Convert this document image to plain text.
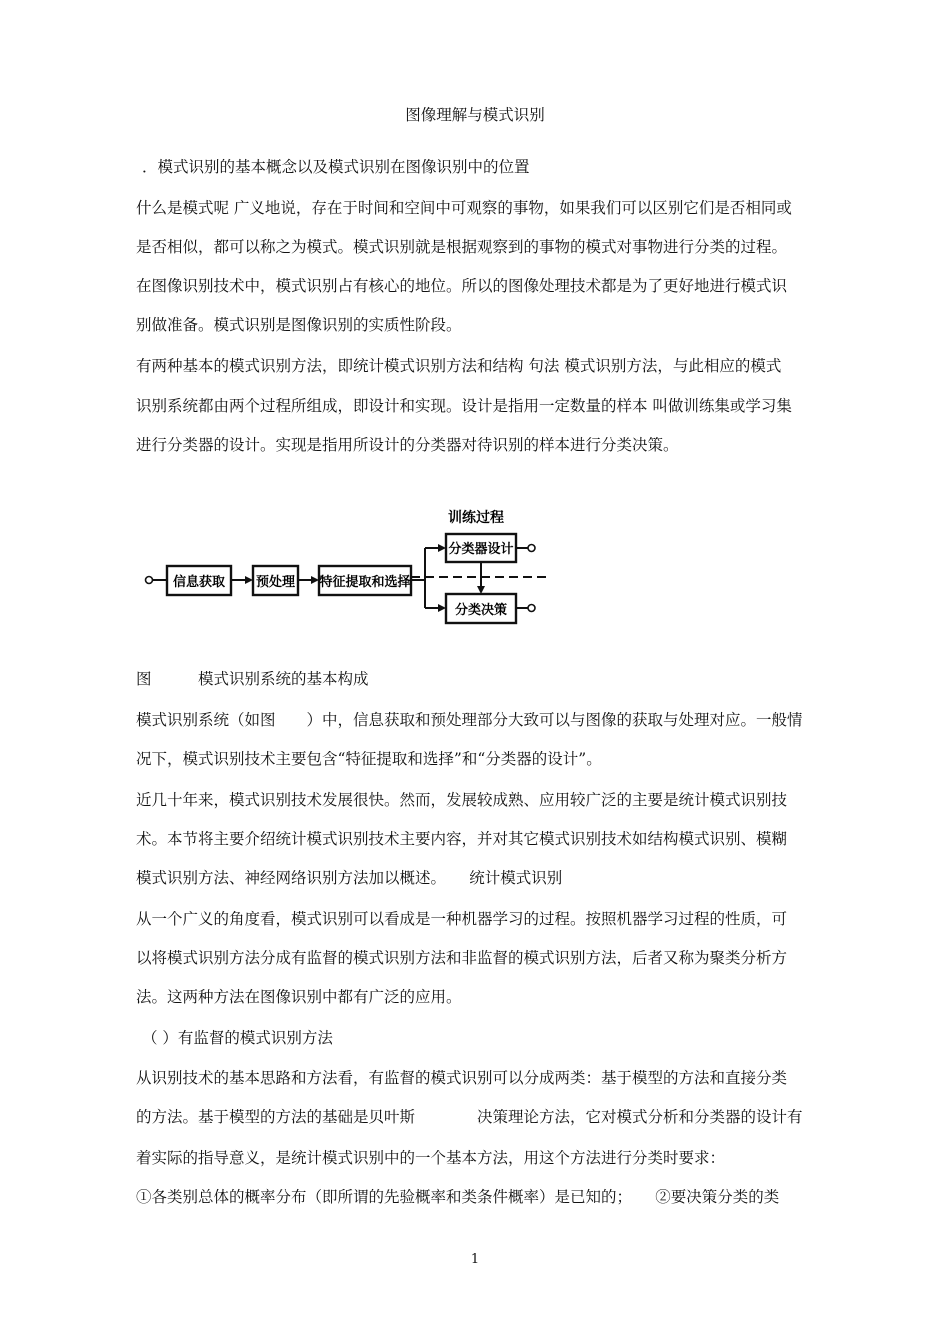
图像理解与模式识别
．模式识别的基本概念以及模式识别在图像识别中的位置
什么是模式呢 广义地说，存在于时间和空间中可观察的事物，如果我们可以区别它们是否相同或
是否相似，都可以称之为模式。模式识别就是根据观察到的事物的模式对事物进行分类的过程。
在图像识别技术中，模式识别占有核心的地位。所以的图像处理技术都是为了更好地进行模式识
别做准备。模式识别是图像识别的实质性阶段。
有两种基本的模式识别方法，即统计模式识别方法和结构 句法 模式识别方法，与此相应的模式
识别系统都由两个过程所组成，即设计和实现。设计是指用一定数量的样本 叫做训练集或学习集
进行分类器的设计。实现是指用所设计的分类器对待识别的样本进行分类决策。
信息获取 预处理 特征提取和选择
训练过程
分类器设计
分类决策
图　　　模式识别系统的基本构成
模式识别系统（如图　　）中，信息获取和预处理部分大致可以与图像的获取与处理对应。一般情
况下，模式识别技术主要包含“特征提取和选择”和“分类器的设计”。
近几十年来，模式识别技术发展很快。然而，发展较成熟、应用较广泛的主要是统计模式识别技
术。本节将主要介绍统计模式识别技术主要内容，并对其它模式识别技术如结构模式识别、模糊
模式识别方法、神经网络识别方法加以概述。　　统计模式识别
从一个广义的角度看，模式识别可以看成是一种机器学习的过程。按照机器学习过程的性质，可
以将模式识别方法分成有监督的模式识别方法和非监督的模式识别方法，后者又称为聚类分析方
法。这两种方法在图像识别中都有广泛的应用。
（ ）有监督的模式识别方法
从识别技术的基本思路和方法看，有监督的模式识别可以分成两类：基于模型的方法和直接分类
的方法。基于模型的方法的基础是贝叶斯　　　　决策理论方法，它对模式分析和分类器的设计有
着实际的指导意义，是统计模式识别中的一个基本方法，用这个方法进行分类时要求：
①各类别总体的概率分布（即所谓的先验概率和类条件概率）是已知的；　　②要决策分类的类
1
